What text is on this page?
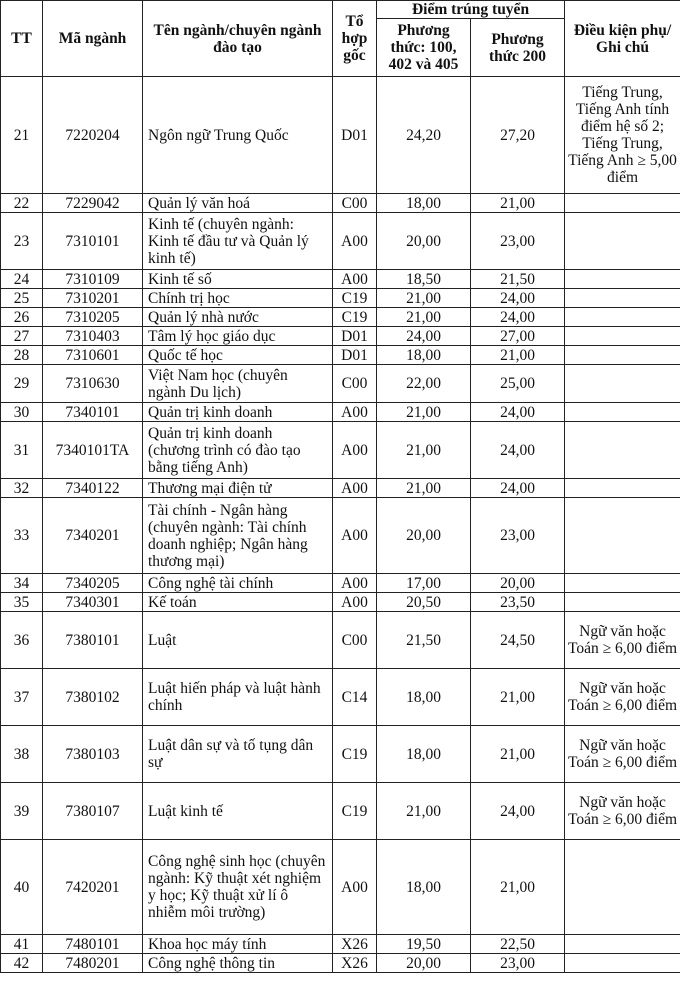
TT	Mã ngành	Tên ngành/chuyên ngành đào tạo	Tổ hợp gốc	Điểm trúng tuyển		Điều kiện phụ/ Ghi chú
				Phương thức: 100, 402 và 405	Phương thức 200	
21	7220204	Ngôn ngữ Trung Quốc	D01	24,20	27,20	Tiếng Trung, Tiếng Anh tính điểm hệ số 2; Tiếng Trung, Tiếng Anh ≥ 5,00 điểm
22	7229042	Quản lý văn hoá	C00	18,00	21,00	
23	7310101	Kinh tế (chuyên ngành: Kinh tế đầu tư và Quản lý kinh tế)	A00	20,00	23,00	
24	7310109	Kinh tế số	A00	18,50	21,50	
25	7310201	Chính trị học	C19	21,00	24,00	
26	7310205	Quản lý nhà nước	C19	21,00	24,00	
27	7310403	Tâm lý học giáo dục	D01	24,00	27,00	
28	7310601	Quốc tế học	D01	18,00	21,00	
29	7310630	Việt Nam học (chuyên ngành Du lịch)	C00	22,00	25,00	
30	7340101	Quản trị kinh doanh	A00	21,00	24,00	
31	7340101TA	Quản trị kinh doanh (chương trình có đào tạo bằng tiếng Anh)	A00	21,00	24,00	
32	7340122	Thương mại điện tử	A00	21,00	24,00	
33	7340201	Tài chính - Ngân hàng (chuyên ngành: Tài chính doanh nghiệp; Ngân hàng thương mại)	A00	20,00	23,00	
34	7340205	Công nghệ tài chính	A00	17,00	20,00	
35	7340301	Kế toán	A00	20,50	23,50	
36	7380101	Luật	C00	21,50	24,50	Ngữ văn hoặc Toán ≥ 6,00 điểm
37	7380102	Luật hiến pháp và luật hành chính	C14	18,00	21,00	Ngữ văn hoặc Toán ≥ 6,00 điểm
38	7380103	Luật dân sự và tố tụng dân sự	C19	18,00	21,00	Ngữ văn hoặc Toán ≥ 6,00 điểm
39	7380107	Luật kinh tế	C19	21,00	24,00	Ngữ văn hoặc Toán ≥ 6,00 điểm
40	7420201	Công nghệ sinh học (chuyên ngành: Kỹ thuật xét nghiệm y học; Kỹ thuật xử lí ô nhiễm môi trường)	A00	18,00	21,00	
41	7480101	Khoa học máy tính	X26	19,50	22,50	
42	7480201	Công nghệ thông tin	X26	20,00	23,00	
